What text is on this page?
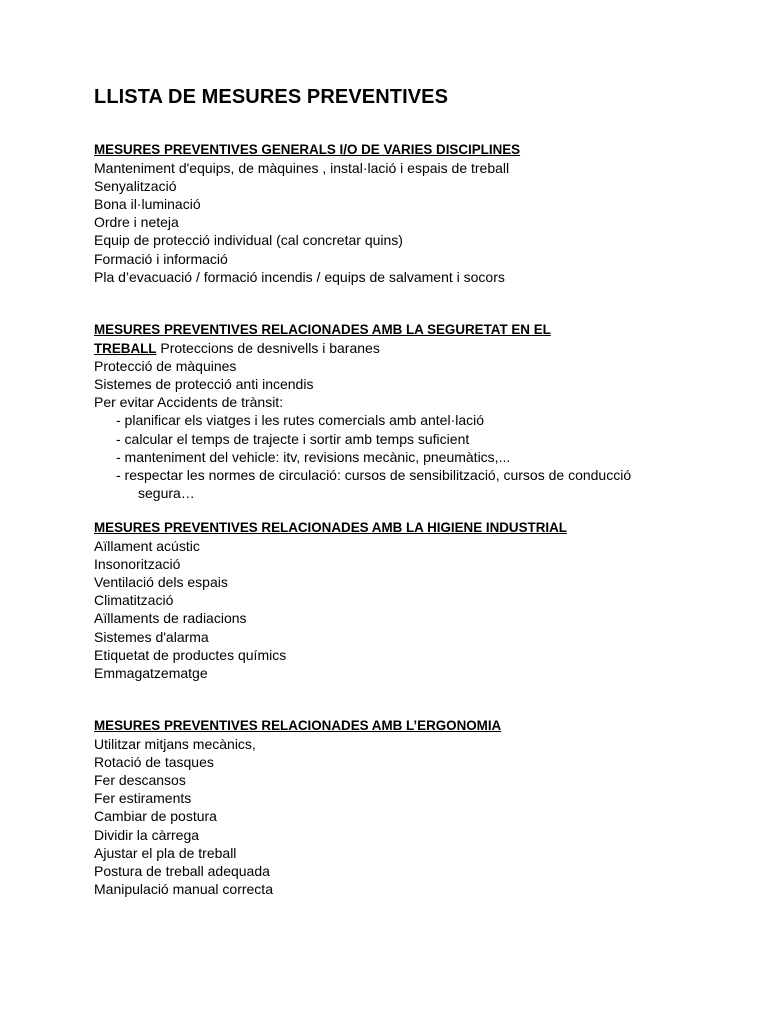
LLISTA DE MESURES PREVENTIVES
MESURES PREVENTIVES GENERALS I/O DE VARIES DISCIPLINES
Manteniment d'equips, de màquines , instal·lació i espais de treball
Senyalització
Bona il·luminació
Ordre i neteja
Equip de protecció individual (cal concretar quins)
Formació i informació
Pla d’evacuació / formació incendis / equips de salvament i socors
MESURES PREVENTIVES RELACIONADES AMB LA SEGURETAT EN EL
TREBALL Proteccions de desnivells i baranes
Protecció de màquines
Sistemes de protecció anti incendis
Per evitar Accidents de trànsit:
- planificar els viatges i les rutes comercials amb antel·lació
- calcular el temps de trajecte i sortir amb temps suficient
- manteniment del vehicle: itv, revisions mecànic, pneumàtics,...
- respectar les normes de circulació: cursos de sensibilització, cursos de conducció
segura…
MESURES PREVENTIVES RELACIONADES AMB LA HIGIENE INDUSTRIAL
Aïllament acústic
Insonorització
Ventilació dels espais
Climatització
Aïllaments de radiacions
Sistemes d'alarma
Etiquetat de productes químics
Emmagatzematge
MESURES PREVENTIVES RELACIONADES AMB L’ERGONOMIA
Utilitzar mitjans mecànics,
Rotació de tasques
Fer descansos
Fer estiraments
Cambiar de postura
Dividir la càrrega
Ajustar el pla de treball
Postura de treball adequada
Manipulació manual correcta
